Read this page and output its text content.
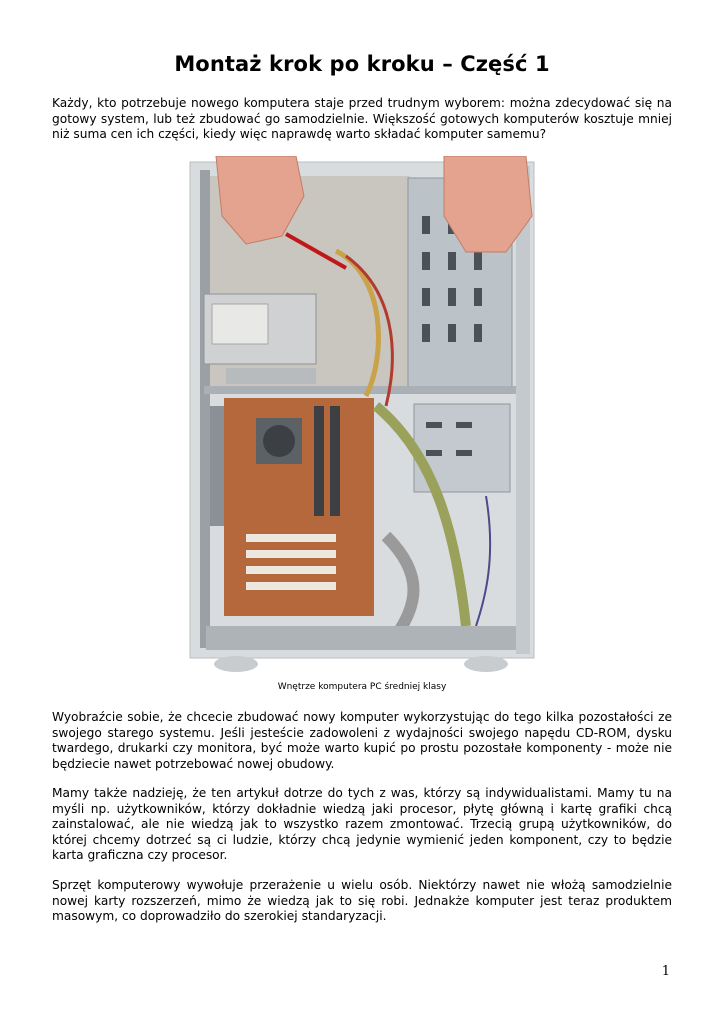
Montaż krok po kroku – Część 1

Każdy, kto potrzebuje nowego komputera staje przed trudnym wyborem: można zdecydować się na gotowy system, lub też zbudować go samodzielnie. Większość gotowych komputerów kosztuje mniej niż suma cen ich części, kiedy więc naprawdę warto składać komputer samemu?

Wnętrze komputera PC średniej klasy

Wyobraźcie sobie, że chcecie zbudować nowy komputer wykorzystując do tego kilka pozostałości ze swojego starego systemu. Jeśli jesteście zadowoleni z wydajności swojego napędu CD-ROM, dysku twardego, drukarki czy monitora, być może warto kupić po prostu pozostałe komponenty - może nie będziecie nawet potrzebować nowej obudowy.

Mamy także nadzieję, że ten artykuł dotrze do tych z was, którzy są indywidualistami. Mamy tu na myśli np. użytkowników, którzy dokładnie wiedzą jaki procesor, płytę główną i kartę grafiki chcą zainstalować, ale nie wiedzą jak to wszystko razem zmontować. Trzecią grupą użytkowników, do której chcemy dotrzeć są ci ludzie, którzy chcą jedynie wymienić jeden komponent, czy to będzie karta graficzna czy procesor.

Sprzęt komputerowy wywołuje przerażenie u wielu osób. Niektórzy nawet nie włożą samodzielnie nowej karty rozszerzeń, mimo że wiedzą jak to się robi. Jednakże komputer jest teraz produktem masowym, co doprowadziło do szerokiej standaryzacji.

1
